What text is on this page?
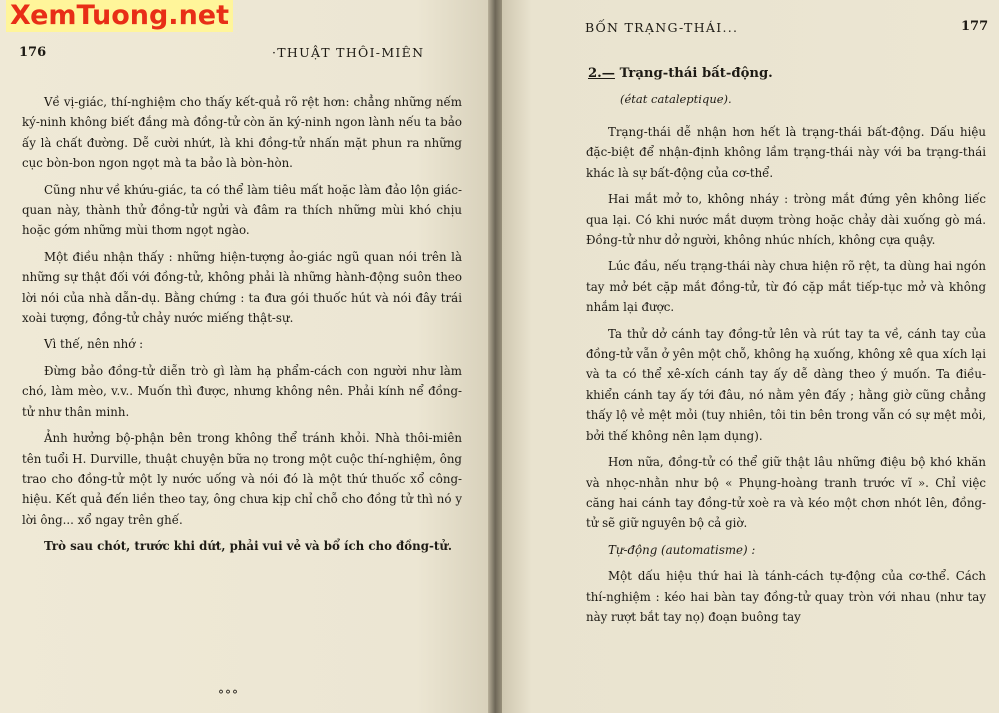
176	·THUẬT THÔI-MIÊN

Về vị-giác, thí-nghiệm cho thấy kết-quả rõ rệt hơn: chẳng những nếm ký-ninh không biết đắng mà đồng-tử còn ăn ký-ninh ngon lành nếu ta bảo ấy là chất đường. Dễ cười nhứt, là khi đồng-tử nhấn mặt phun ra những cục bòn-bon ngon ngọt mà ta bảo là bòn-hòn.

Cũng như về khứu-giác, ta có thể làm tiêu mất hoặc làm đảo lộn giác-quan này, thành thử đồng-tử ngửi và đâm ra thích những mùi khó chịu hoặc gớm những mùi thơm ngọt ngào.

Một điều nhận thấy : những hiện-tượng ảo-giác ngũ quan nói trên là những sự thật đối với đồng-tử, không phải là những hành-động suôn theo lời nói của nhà dẫn-dụ. Bằng chứng : ta đưa gói thuốc hút và nói đây trái xoài tượng, đồng-tử chảy nước miếng thật-sự.

Vì thế, nên nhớ :

Đừng bảo đồng-tử diễn trò gì làm hạ phẩm-cách con người như làm chó, làm mèo, v.v.. Muốn thì được, nhưng không nên. Phải kính nể đồng-tử như thân minh.

Ảnh hưởng bộ-phận bên trong không thể tránh khỏi. Nhà thôi-miên tên tuổi H. Durville, thuật chuyện bữa nọ trong một cuộc thí-nghiệm, ông trao cho đồng-tử một ly nước uống và nói đó là một thứ thuốc xổ công-hiệu. Kết quả đến liền theo tay, ông chưa kịp chỉ chỗ cho đồng tử thì nó y lời ông... xổ ngay trên ghế.

Trò sau chót, trước khi dứt, phải vui vẻ và bổ ích cho đồng-tử.

°°°
XemTuong.net	BỐN TRẠNG-THÁI...	177
2.— Trạng-thái bất-động.
(état cataleptique).

Trạng-thái dễ nhận hơn hết là trạng-thái bất-động. Dấu hiệu đặc-biệt để nhận-định không lầm trạng-thái này với ba trạng-thái khác là sự bất-động của cơ-thể.

Hai mắt mở to, không nháy : tròng mắt đứng yên không liếc qua lại. Có khi nước mắt dượm tròng hoặc chảy dài xuống gò má. Đồng-tử như dở người, không nhúc nhích, không cựa quậy.

Lúc đầu, nếu trạng-thái này chưa hiện rõ rệt, ta dùng hai ngón tay mở bét cặp mắt đồng-tử, từ đó cặp mắt tiếp-tục mở và không nhắm lại được.

Ta thử dở cánh tay đồng-tử lên và rút tay ta về, cánh tay của đồng-tử vẫn ở yên một chỗ, không hạ xuống, không xê qua xích lại và ta có thể xê-xích cánh tay ấy dễ dàng theo ý muốn. Ta điều-khiển cánh tay ấy tới đâu, nó nằm yên đấy ; hằng giờ cũng chẳng thấy lộ vẻ mệt mỏi (tuy nhiên, tôi tin bên trong vẫn có sự mệt mỏi, bởi thế không nên lạm dụng).

Hơn nữa, đồng-tử có thể giữ thật lâu những điệu bộ khó khăn và nhọc-nhằn như bộ « Phụng-hoàng tranh trước vĩ ». Chỉ việc căng hai cánh tay đồng-tử xoè ra và kéo một chơn nhót lên, đồng-tử sẽ giữ nguyên bộ cả giờ.

Tự-động (automatisme) :

Một dấu hiệu thứ hai là tánh-cách tự-động của cơ-thể. Cách thí-nghiệm : kéo hai bàn tay đồng-tử quay tròn với nhau (như tay này rượt bắt tay nọ) đoạn buông tay
